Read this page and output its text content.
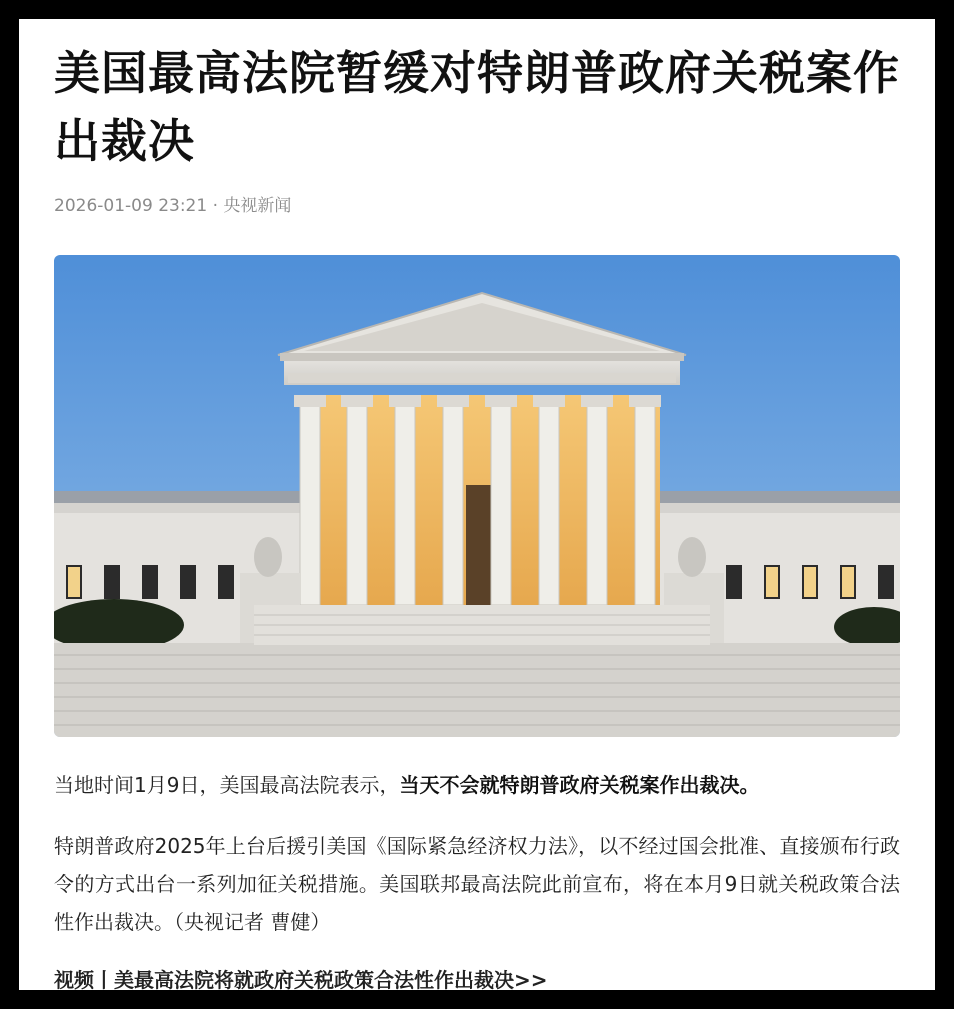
美国最高法院暂缓对特朗普政府关税案作出裁决
2026-01-09 23:21 · 央视新闻

当地时间1月9日，美国最高法院表示，当天不会就特朗普政府关税案作出裁决。

特朗普政府2025年上台后援引美国《国际紧急经济权力法》，以不经过国会批准、直接颁布行政令的方式出台一系列加征关税措施。美国联邦最高法院此前宣布，将在本月9日就关税政策合法性作出裁决。（央视记者 曹健）

视频丨美最高法院将就政府关税政策合法性作出裁决>>
